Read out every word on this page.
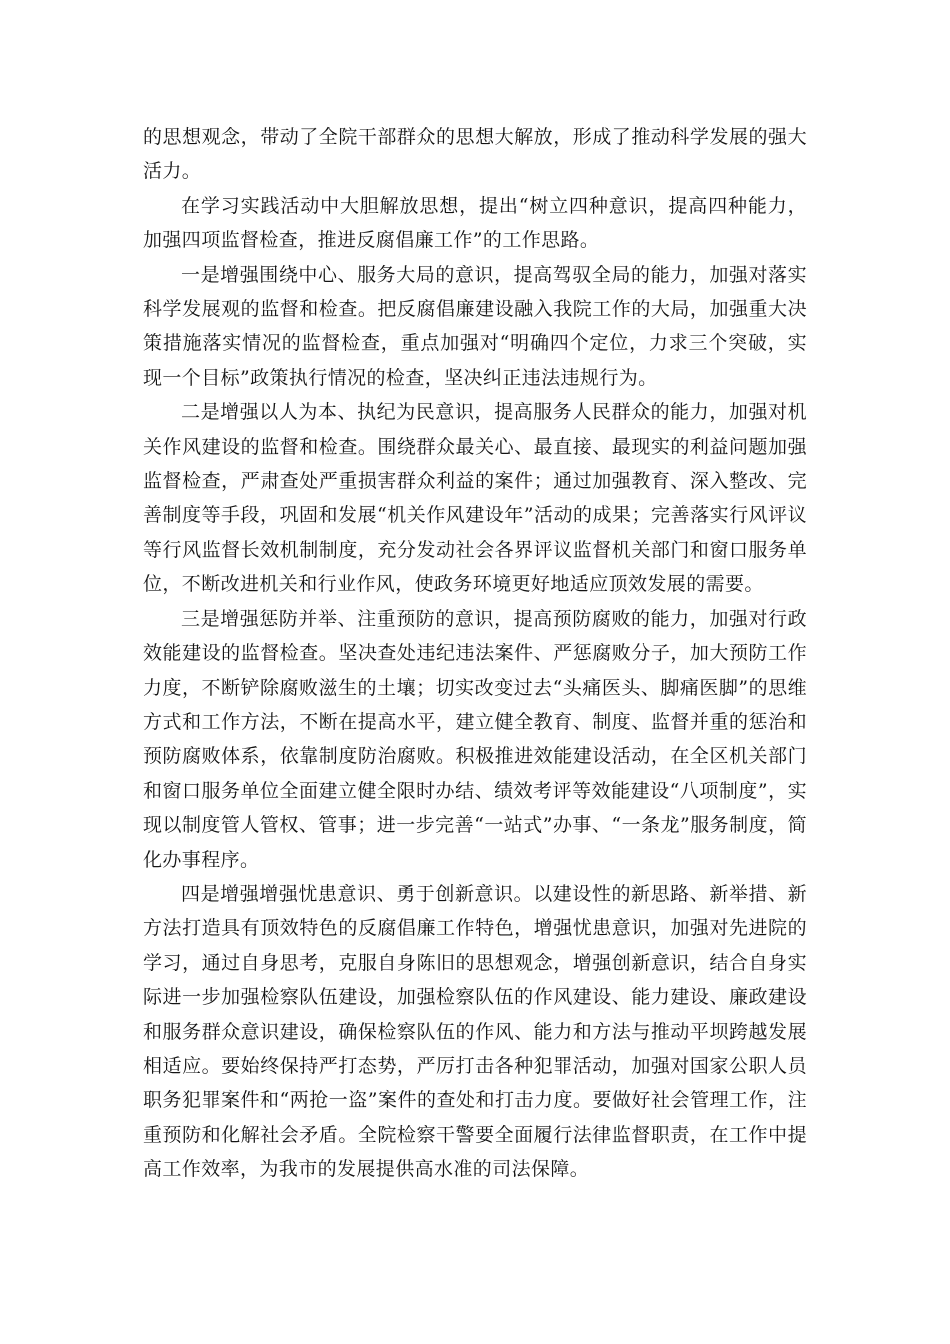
的思想观念，带动了全院干部群众的思想大解放，形成了推动科学发展的强大活力。

在学习实践活动中大胆解放思想，提出“树立四种意识，提高四种能力，加强四项监督检查，推进反腐倡廉工作”的工作思路。

一是增强围绕中心、服务大局的意识，提高驾驭全局的能力，加强对落实科学发展观的监督和检查。把反腐倡廉建设融入我院工作的大局，加强重大决策措施落实情况的监督检查，重点加强对“明确四个定位，力求三个突破，实现一个目标”政策执行情况的检查，坚决纠正违法违规行为。

二是增强以人为本、执纪为民意识，提高服务人民群众的能力，加强对机关作风建设的监督和检查。围绕群众最关心、最直接、最现实的利益问题加强监督检查，严肃查处严重损害群众利益的案件；通过加强教育、深入整改、完善制度等手段，巩固和发展“机关作风建设年”活动的成果；完善落实行风评议等行风监督长效机制制度，充分发动社会各界评议监督机关部门和窗口服务单位，不断改进机关和行业作风，使政务环境更好地适应顶效发展的需要。

三是增强惩防并举、注重预防的意识，提高预防腐败的能力，加强对行政效能建设的监督检查。坚决查处违纪违法案件、严惩腐败分子，加大预防工作力度，不断铲除腐败滋生的土壤；切实改变过去“头痛医头、脚痛医脚”的思维方式和工作方法，不断在提高水平，建立健全教育、制度、监督并重的惩治和预防腐败体系，依靠制度防治腐败。积极推进效能建设活动，在全区机关部门和窗口服务单位全面建立健全限时办结、绩效考评等效能建设“八项制度”，实现以制度管人管权、管事；进一步完善“一站式”办事、“一条龙”服务制度，简化办事程序。

四是增强增强忧患意识、勇于创新意识。以建设性的新思路、新举措、新方法打造具有顶效特色的反腐倡廉工作特色，增强忧患意识，加强对先进院的学习，通过自身思考，克服自身陈旧的思想观念，增强创新意识，结合自身实际进一步加强检察队伍建设，加强检察队伍的作风建设、能力建设、廉政建设和服务群众意识建设，确保检察队伍的作风、能力和方法与推动平坝跨越发展相适应。要始终保持严打态势，严厉打击各种犯罪活动，加强对国家公职人员职务犯罪案件和“两抢一盗”案件的查处和打击力度。要做好社会管理工作，注重预防和化解社会矛盾。全院检察干警要全面履行法律监督职责，在工作中提高工作效率，为我市的发展提供高水准的司法保障。
